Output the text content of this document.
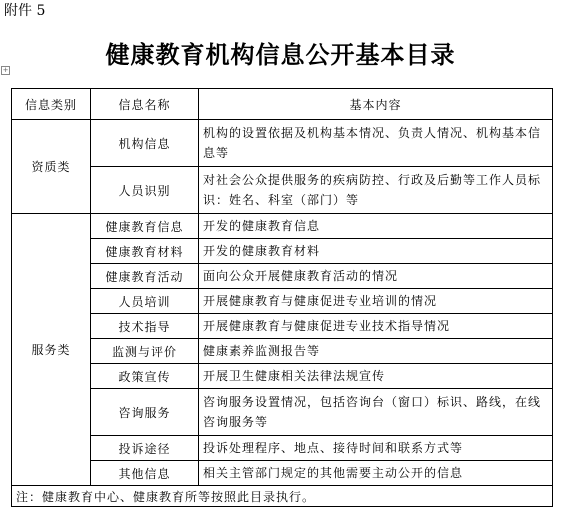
附件 5
健康教育机构信息公开基本目录
+
信息类别	信息名称	基本内容
资质类	机构信息	机构的设置依据及机构基本情况、负责人情况、机构基本信息等
	人员识别	对社会公众提供服务的疾病防控、行政及后勤等工作人员标识：姓名、科室（部门）等
服务类	健康教育信息	开发的健康教育信息
	健康教育材料	开发的健康教育材料
	健康教育活动	面向公众开展健康教育活动的情况
	人员培训	开展健康教育与健康促进专业培训的情况
	技术指导	开展健康教育与健康促进专业技术指导情况
	监测与评价	健康素养监测报告等
	政策宣传	开展卫生健康相关法律法规宣传
	咨询服务	咨询服务设置情况，包括咨询台（窗口）标识、路线，在线咨询服务等
	投诉途径	投诉处理程序、地点、接待时间和联系方式等
	其他信息	相关主管部门规定的其他需要主动公开的信息
注：健康教育中心、健康教育所等按照此目录执行。		
